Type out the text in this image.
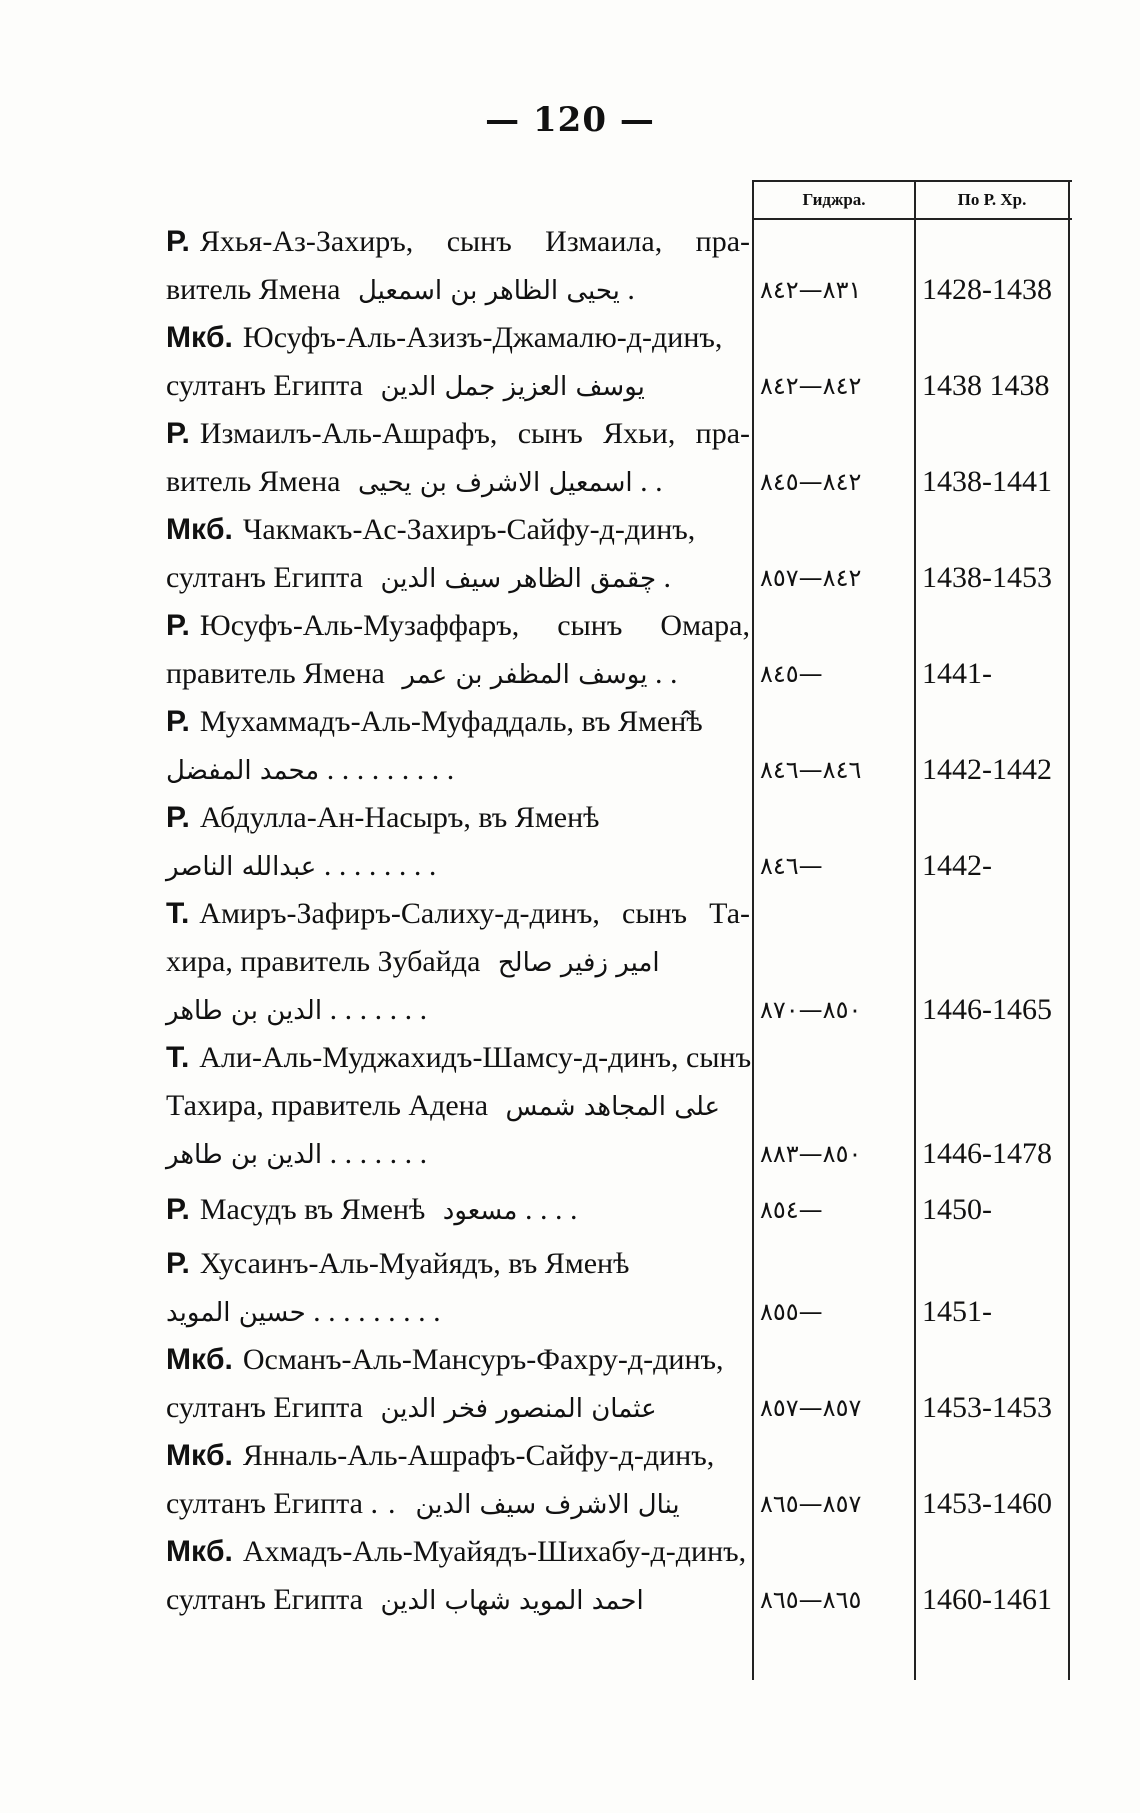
— 120 —
Гиджра.	По Р. Хр.
Р. Яхья-Аз-Захиръ, сынъ Измаила, пра-
витель Ямена يحيى الظاهر بن اسمعيل .	٨٣١—٨٤٢	1428-1438
Мкб. Юсуфъ-Аль-Азизъ-Джамалю-д-динъ,
султанъ Египта يوسف العزيز جمل الدين	٨٤٢—٨٤٢	1438 1438
Р. Измаилъ-Аль-Ашрафъ, сынъ Яхьи, пра-
витель Ямена اسمعيل الاشرف بن يحيى . .	٨٤٢—٨٤٥	1438-1441
Мкб. Чакмакъ-Ас-Захиръ-Сайфу-д-динъ,
султанъ Египта چقمق الظاهر سيف الدين .	٨٤٢—٨٥٧	1438-1453
Р. Юсуфъ-Аль-Музаффаръ, сынъ Омара,
правитель Ямена يوسف المظفر بن عمر . .	٨٤٥—	1441-
Р. Мухаммадъ-Аль-Муфаддаль, въ Ямен̂ѣ
محمد المفضل . . . . . . . . .	٨٤٦—٨٤٦	1442-1442
Р. Абдулла-Ан-Насыръ, въ Яменѣ
عبدالله الناصر . . . . . . . .	٨٤٦—	1442-
Т. Амиръ-Зафиръ-Салиху-д-динъ, сынъ Та-
хира, правитель Зубайда امير زفير صالح
الدين بن طاهر . . . . . . .	٨٥٠—٨٧٠	1446-1465
Т. Али-Аль-Муджахидъ-Шамсу-д-динъ, сынъ
Тахира, правитель Адена على المجاهد شمس
الدين بن طاهر . . . . . . .	٨٥٠—٨٨٣	1446-1478
Р. Масудъ въ Яменѣ مسعود . . . .	٨٥٤—	1450-
Р. Хусаинъ-Аль-Муайядъ, въ Яменѣ
حسين المويد . . . . . . . . .	٨٥٥—	1451-
Мкб. Османъ-Аль-Мансуръ-Фахру-д-динъ,
султанъ Египта عثمان المنصور فخر الدين	٨٥٧—٨٥٧	1453-1453
Мкб. Янналь-Аль-Ашрафъ-Сайфу-д-динъ,
султанъ Египта .. ينال الاشرف سيف الدين	٨٥٧—٨٦٥	1453-1460
Мкб. Ахмадъ-Аль-Муайядъ-Шихабу-д-динъ,
султанъ Египта احمد المويد شهاب الدين	٨٦٥—٨٦٥	1460-1461
